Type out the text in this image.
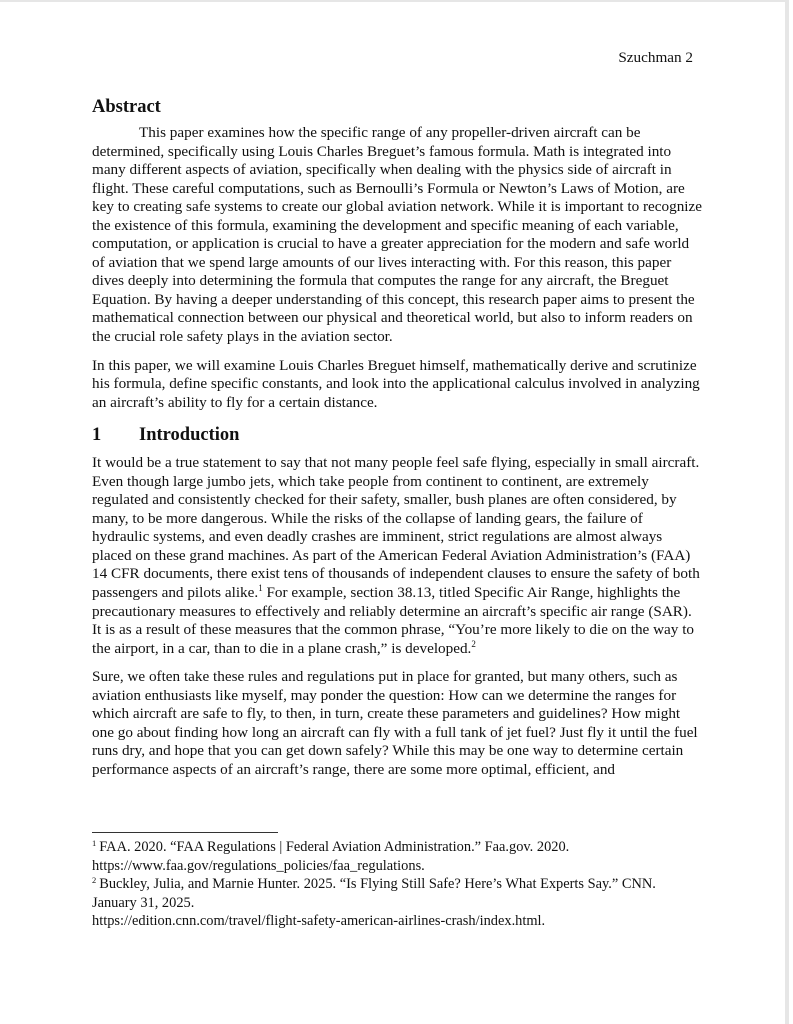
Szuchman 2
Abstract

This paper examines how the specific range of any propeller-driven aircraft can be determined, specifically using Louis Charles Breguet’s famous formula. Math is integrated into many different aspects of aviation, specifically when dealing with the physics side of aircraft in flight. These careful computations, such as Bernoulli’s Formula or Newton’s Laws of Motion, are key to creating safe systems to create our global aviation network. While it is important to recognize the existence of this formula, examining the development and specific meaning of each variable, computation, or application is crucial to have a greater appreciation for the modern and safe world of aviation that we spend large amounts of our lives interacting with. For this reason, this paper dives deeply into determining the formula that computes the range for any aircraft, the Breguet Equation. By having a deeper understanding of this concept, this research paper aims to present the mathematical connection between our physical and theoretical world, but also to inform readers on the crucial role safety plays in the aviation sector.

In this paper, we will examine Louis Charles Breguet himself, mathematically derive and scrutinize his formula, define specific constants, and look into the applicational calculus involved in analyzing an aircraft’s ability to fly for a certain distance.

1	Introduction

It would be a true statement to say that not many people feel safe flying, especially in small aircraft. Even though large jumbo jets, which take people from continent to continent, are extremely regulated and consistently checked for their safety, smaller, bush planes are often considered, by many, to be more dangerous. While the risks of the collapse of landing gears, the failure of hydraulic systems, and even deadly crashes are imminent, strict regulations are almost always placed on these grand machines. As part of the American Federal Aviation Administration’s (FAA) 14 CFR documents, there exist tens of thousands of independent clauses to ensure the safety of both passengers and pilots alike.$^1$ For example, section 38.13, titled Specific Air Range, highlights the precautionary measures to effectively and reliably determine an aircraft’s specific air range (SAR). It is as a result of these measures that the common phrase, “You’re more likely to die on the way to the airport, in a car, than to die in a plane crash,” is developed.$^2$

Sure, we often take these rules and regulations put in place for granted, but many others, such as aviation enthusiasts like myself, may ponder the question: How can we determine the ranges for which aircraft are safe to fly, to then, in turn, create these parameters and guidelines? How might one go about finding how long an aircraft can fly with a full tank of jet fuel? Just fly it until the fuel runs dry, and hope that you can get down safely? While this may be one way to determine certain performance aspects of an aircraft’s range, there are some more optimal, efficient, and

$^1$ FAA. 2020. “FAA Regulations | Federal Aviation Administration.” Faa.gov. 2020.
https://www.faa.gov/regulations_policies/faa_regulations.

$^2$ Buckley, Julia, and Marnie Hunter. 2025. “Is Flying Still Safe? Here’s What Experts Say.” CNN. January 31, 2025.
https://edition.cnn.com/travel/flight-safety-american-airlines-crash/index.html.
